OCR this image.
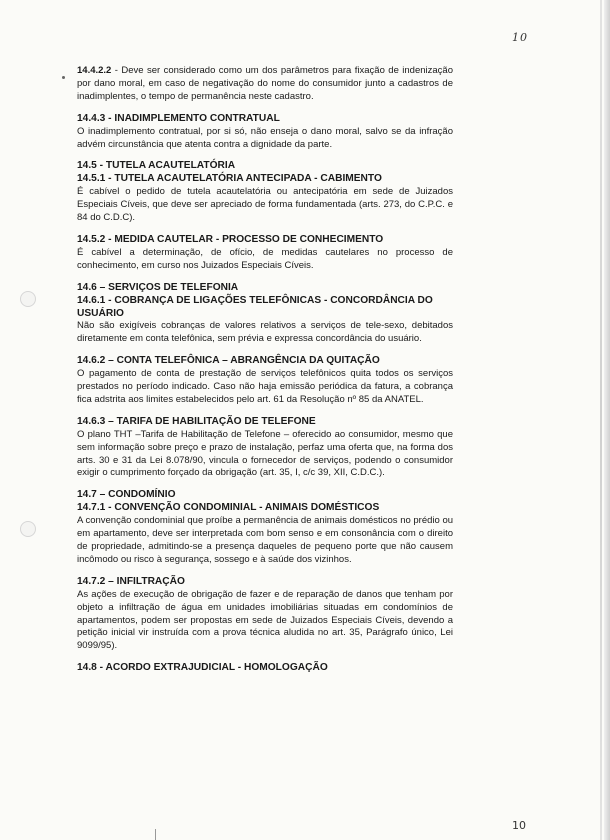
10

14.4.2.2 - Deve ser considerado como um dos parâmetros para fixação de indenização por dano moral, em caso de negativação do nome do consumidor junto a cadastros de inadimplentes, o tempo de permanência neste cadastro.

14.4.3 - INADIMPLEMENTO CONTRATUAL

O inadimplemento contratual, por si só, não enseja o dano moral, salvo se da infração advém circunstância que atenta contra a dignidade da parte.

14.5 - TUTELA ACAUTELATÓRIA

14.5.1 - TUTELA ACAUTELATÓRIA ANTECIPADA - CABIMENTO

É cabível o pedido de tutela acautelatória ou antecipatória em sede de Juizados Especiais Cíveis, que deve ser apreciado de forma fundamentada (arts. 273, do C.P.C. e 84 do C.D.C).

14.5.2 - MEDIDA CAUTELAR - PROCESSO DE CONHECIMENTO

É cabível a determinação, de ofício, de medidas cautelares no processo de conhecimento, em curso nos Juizados Especiais Cíveis.

14.6 – SERVIÇOS DE TELEFONIA

14.6.1 - COBRANÇA DE LIGAÇÕES TELEFÔNICAS - CONCORDÂNCIA DO USUÁRIO

Não são exigíveis cobranças de valores relativos a serviços de tele-sexo, debitados diretamente em conta telefônica, sem prévia e expressa concordância do usuário.

14.6.2 – CONTA TELEFÔNICA – ABRANGÊNCIA DA QUITAÇÃO

O pagamento de conta de prestação de serviços telefônicos quita todos os serviços prestados no período indicado. Caso não haja emissão periódica da fatura, a cobrança fica adstrita aos limites estabelecidos pelo art. 61 da Resolução nº 85 da ANATEL.

14.6.3 – TARIFA DE HABILITAÇÃO DE TELEFONE

O plano THT –Tarifa de Habilitação de Telefone – oferecido ao consumidor, mesmo que sem informação sobre preço e prazo de instalação, perfaz uma oferta que, na forma dos arts. 30 e 31 da Lei 8.078/90, vincula o fornecedor de serviços, podendo o consumidor exigir o cumprimento forçado da obrigação (art. 35, I, c/c 39, XII, C.D.C.).

14.7 – CONDOMÍNIO

14.7.1 - CONVENÇÃO CONDOMINIAL - ANIMAIS DOMÉSTICOS

A convenção condominial que proíbe a permanência de animais domésticos no prédio ou em apartamento, deve ser interpretada com bom senso e em consonância com o direito de propriedade, admitindo-se a presença daqueles de pequeno porte que não causem incômodo ou risco à segurança, sossego e à saúde dos vizinhos.

14.7.2 – INFILTRAÇÃO

As ações de execução de obrigação de fazer e de reparação de danos que tenham por objeto a infiltração de água em unidades imobiliárias situadas em condomínios de apartamentos, podem ser propostas em sede de Juizados Especiais Cíveis, devendo a petição inicial vir instruída com a prova técnica aludida no art. 35, Parágrafo único, Lei 9099/95).

14.8 - ACORDO EXTRAJUDICIAL - HOMOLOGAÇÃO

10
